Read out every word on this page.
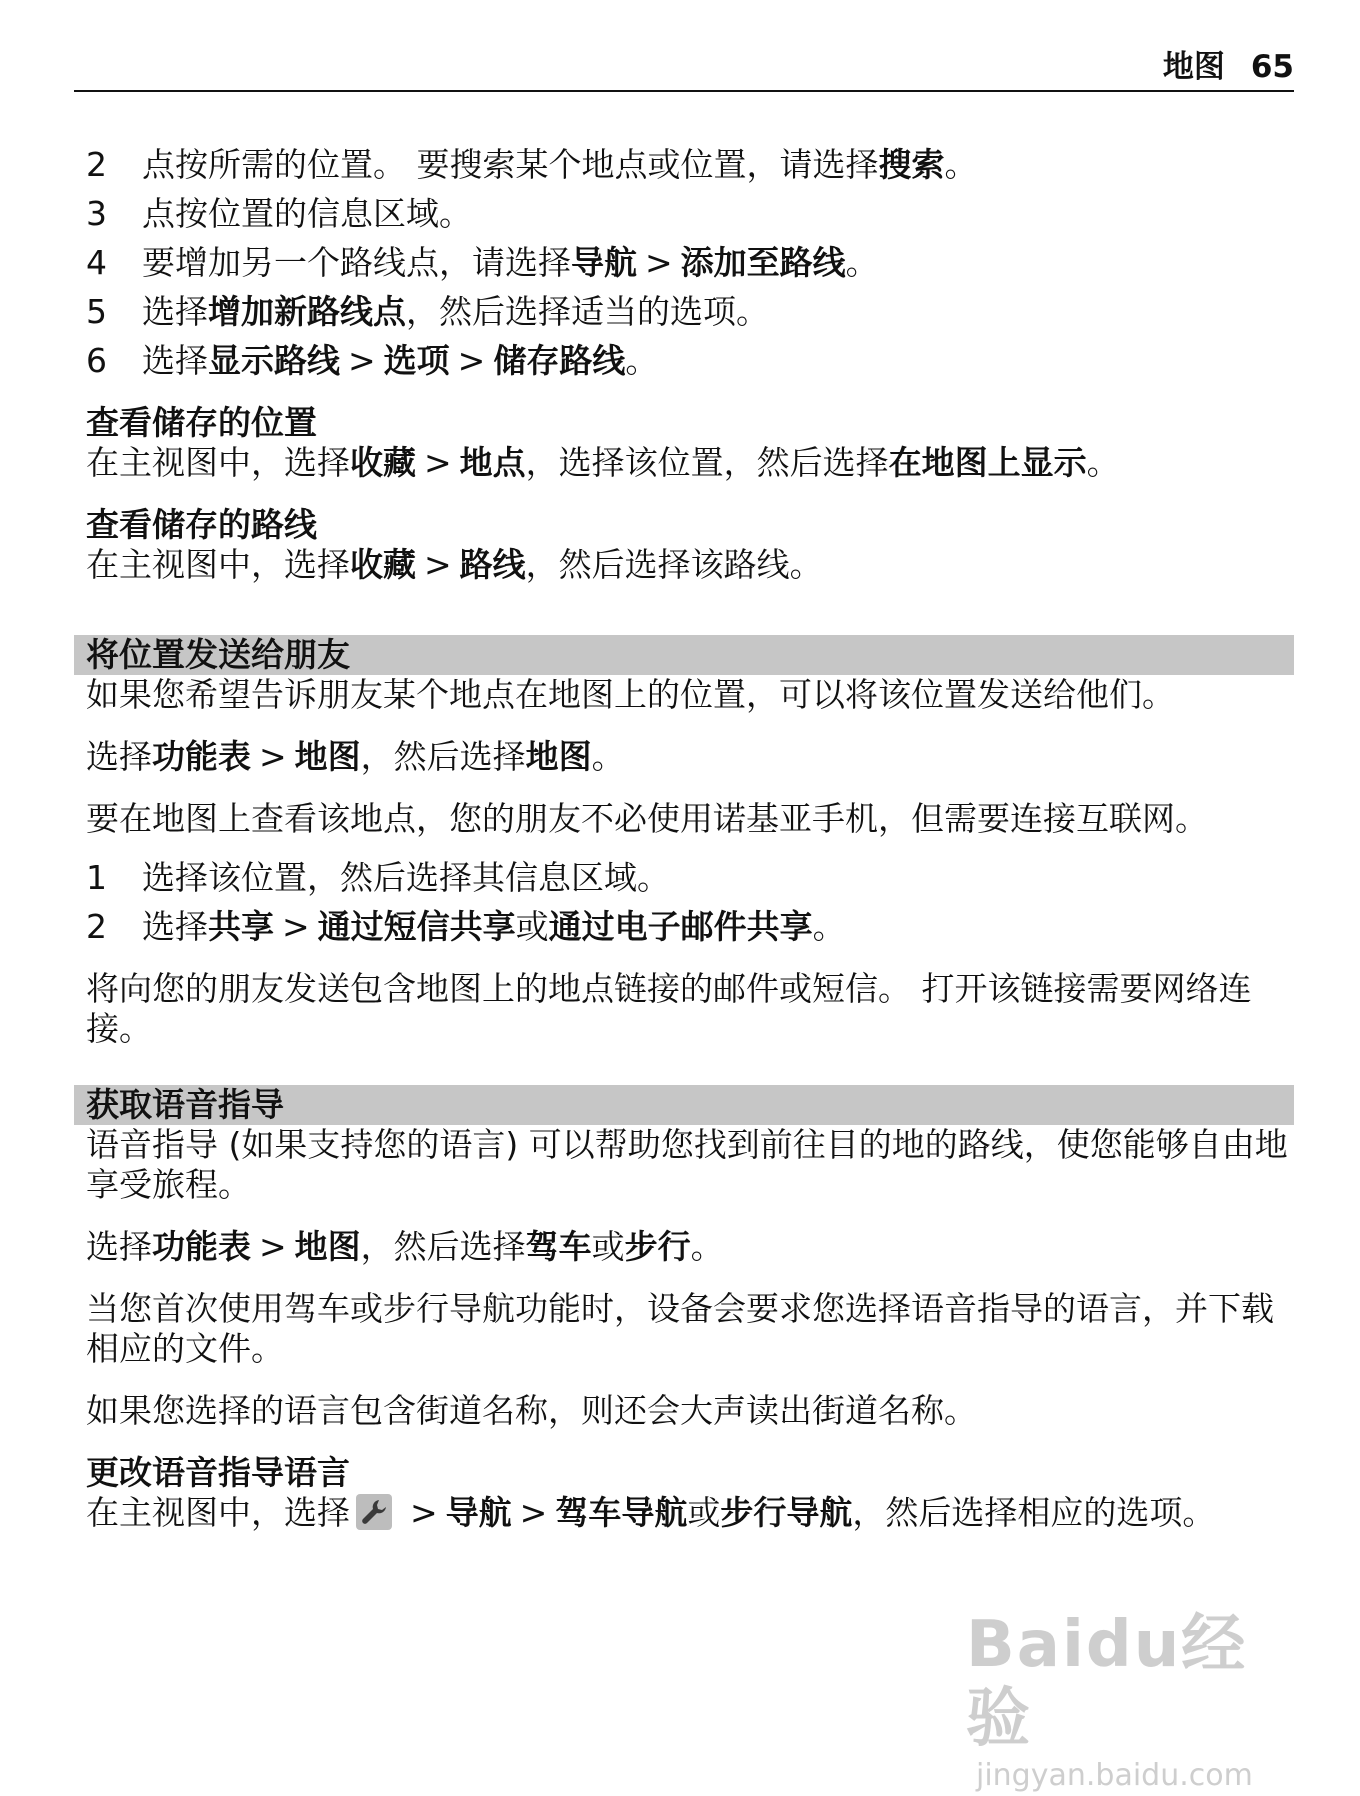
地图 65
2	点按所需的位置。 要搜索某个地点或位置，请选择搜索。
3	点按位置的信息区域。
4	要增加另一个路线点，请选择导航 > 添加至路线。
5	选择增加新路线点，然后选择适当的选项。
6	选择显示路线 > 选项 > 储存路线。

查看储存的位置

在主视图中，选择收藏 > 地点，选择该位置，然后选择在地图上显示。

查看储存的路线

在主视图中，选择收藏 > 路线，然后选择该路线。

将位置发送给朋友

如果您希望告诉朋友某个地点在地图上的位置，可以将该位置发送给他们。

选择功能表 > 地图，然后选择地图。

要在地图上查看该地点，您的朋友不必使用诺基亚手机，但需要连接互联网。

1	选择该位置，然后选择其信息区域。
2	选择共享 > 通过短信共享或通过电子邮件共享。

将向您的朋友发送包含地图上的地点链接的邮件或短信。 打开该链接需要网络连接。

获取语音指导

语音指导 (如果支持您的语言) 可以帮助您找到前往目的地的路线，使您能够自由地享受旅程。

选择功能表 > 地图，然后选择驾车或步行。

当您首次使用驾车或步行导航功能时，设备会要求您选择语音指导的语言，并下载相应的文件。

如果您选择的语言包含街道名称，则还会大声读出街道名称。

更改语音指导语言

在主视图中，选择 > 导航 > 驾车导航或步行导航，然后选择相应的选项。

Baidu经验
jingyan.baidu.com
